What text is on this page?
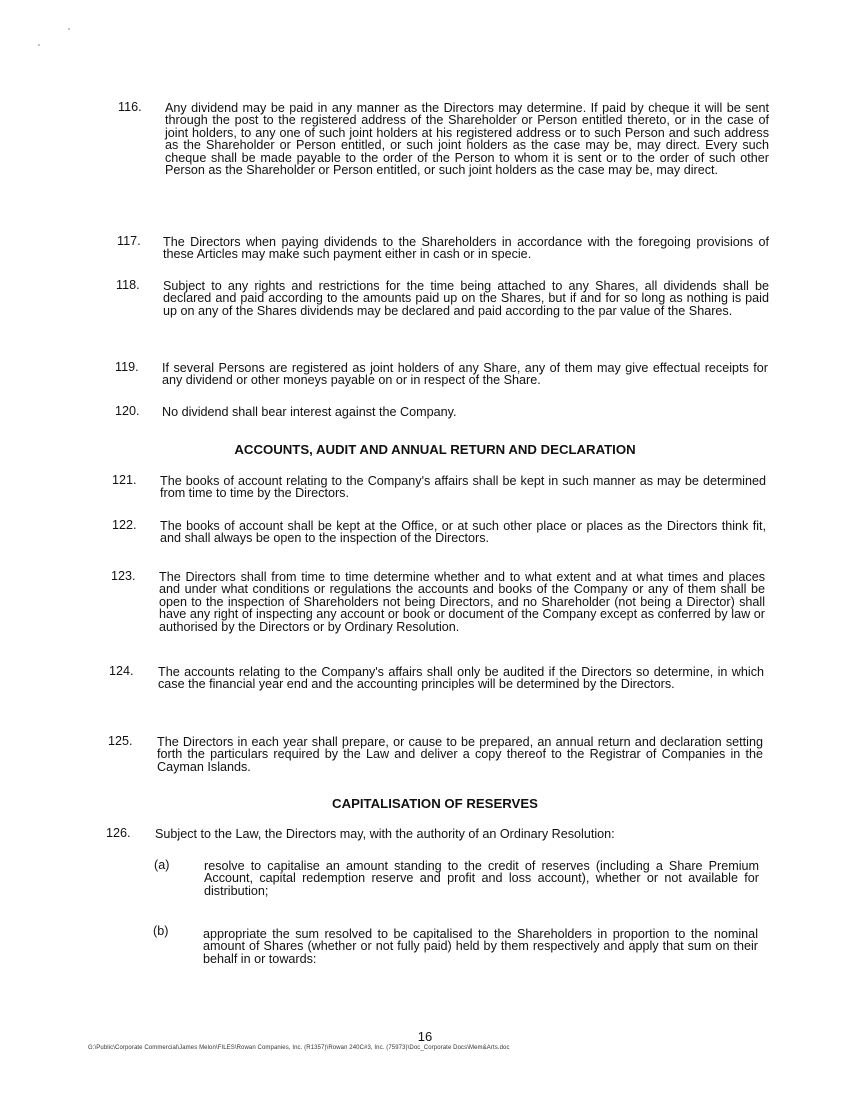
116. Any dividend may be paid in any manner as the Directors may determine. If paid by cheque it will be sent through the post to the registered address of the Shareholder or Person entitled thereto, or in the case of joint holders, to any one of such joint holders at his registered address or to such Person and such address as the Shareholder or Person entitled, or such joint holders as the case may be, may direct. Every such cheque shall be made payable to the order of the Person to whom it is sent or to the order of such other Person as the Shareholder or Person entitled, or such joint holders as the case may be, may direct.
117. The Directors when paying dividends to the Shareholders in accordance with the foregoing provisions of these Articles may make such payment either in cash or in specie.
118. Subject to any rights and restrictions for the time being attached to any Shares, all dividends shall be declared and paid according to the amounts paid up on the Shares, but if and for so long as nothing is paid up on any of the Shares dividends may be declared and paid according to the par value of the Shares.
119. If several Persons are registered as joint holders of any Share, any of them may give effectual receipts for any dividend or other moneys payable on or in respect of the Share.
120. No dividend shall bear interest against the Company.
ACCOUNTS, AUDIT AND ANNUAL RETURN AND DECLARATION
121. The books of account relating to the Company's affairs shall be kept in such manner as may be determined from time to time by the Directors.
122. The books of account shall be kept at the Office, or at such other place or places as the Directors think fit, and shall always be open to the inspection of the Directors.
123. The Directors shall from time to time determine whether and to what extent and at what times and places and under what conditions or regulations the accounts and books of the Company or any of them shall be open to the inspection of Shareholders not being Directors, and no Shareholder (not being a Director) shall have any right of inspecting any account or book or document of the Company except as conferred by law or authorised by the Directors or by Ordinary Resolution.
124. The accounts relating to the Company's affairs shall only be audited if the Directors so determine, in which case the financial year end and the accounting principles will be determined by the Directors.
125. The Directors in each year shall prepare, or cause to be prepared, an annual return and declaration setting forth the particulars required by the Law and deliver a copy thereof to the Registrar of Companies in the Cayman Islands.
CAPITALISATION OF RESERVES
126. Subject to the Law, the Directors may, with the authority of an Ordinary Resolution:
(a)	resolve to capitalise an amount standing to the credit of reserves (including a Share Premium Account, capital redemption reserve and profit and loss account), whether or not available for distribution;
(b)	appropriate the sum resolved to be capitalised to the Shareholders in proportion to the nominal amount of Shares (whether or not fully paid) held by them respectively and apply that sum on their behalf in or towards:
16
G:\Public\Corporate Commercial\James Melon\FILES\Rowan Companies, Inc. (R1357)\Rowan 240C#3, Inc. (75973)\Doc_Corporate Docs\Mem&Arts.doc
